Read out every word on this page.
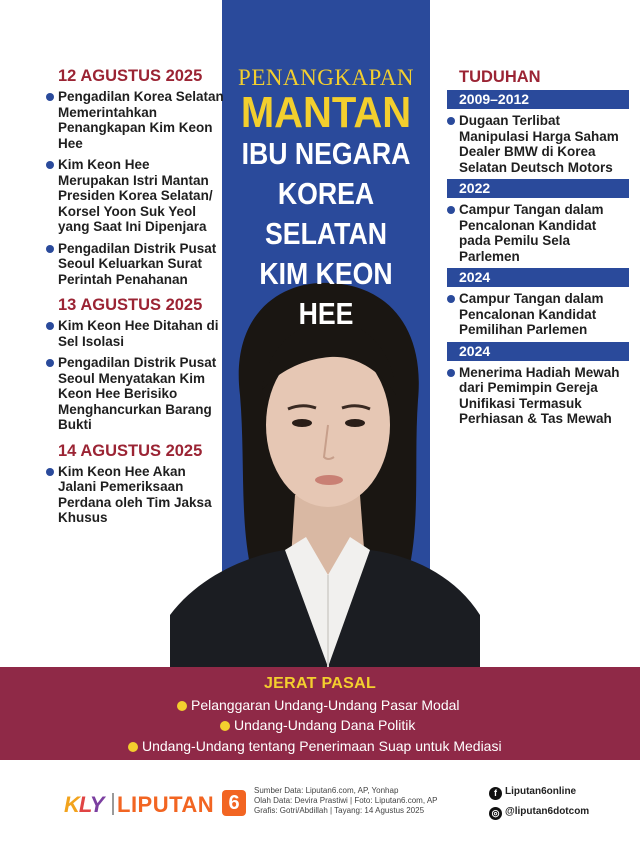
PENANGKAPAN
MANTAN
IBU NEGARA
KOREA SELATAN
KIM KEON HEE
12 AGUSTUS 2025
Pengadilan Korea Selatan Memerintahkan Penangkapan Kim Keon Hee
Kim Keon Hee Merupakan Istri Mantan Presiden Korea Selatan/ Korsel Yoon Suk Yeol yang Saat Ini Dipenjara
Pengadilan Distrik Pusat Seoul Keluarkan Surat Perintah Penahanan
13 AGUSTUS 2025
Kim Keon Hee Ditahan di Sel Isolasi
Pengadilan Distrik Pusat Seoul Menyatakan Kim Keon Hee Berisiko Menghancurkan Barang Bukti
14 AGUSTUS 2025
Kim Keon Hee Akan Jalani Pemeriksaan Perdana oleh Tim Jaksa Khusus
TUDUHAN
2009–2012
Dugaan Terlibat Manipulasi Harga Saham Dealer BMW di Korea Selatan Deutsch Motors
2022
Campur Tangan dalam Pencalonan Kandidat pada Pemilu Sela Parlemen
2024
Campur Tangan dalam Pencalonan Kandidat Pemilihan Parlemen
2024
Menerima Hadiah Mewah dari Pemimpin Gereja Unifikasi Termasuk Perhiasan & Tas Mewah
JERAT PASAL
Pelanggaran Undang-Undang Pasar Modal
Undang-Undang Dana Politik
Undang-Undang tentang Penerimaan Suap untuk Mediasi
KLY LIPUTAN 6
Sumber Data: Liputan6.com, AP, Yonhap
Olah Data: Devira Prastiwi | Foto: Liputan6.com, AP
Grafis: Gotri/Abdillah | Tayang: 14 Agustus 2025
f Liputan6online
◎ @liputan6dotcom
